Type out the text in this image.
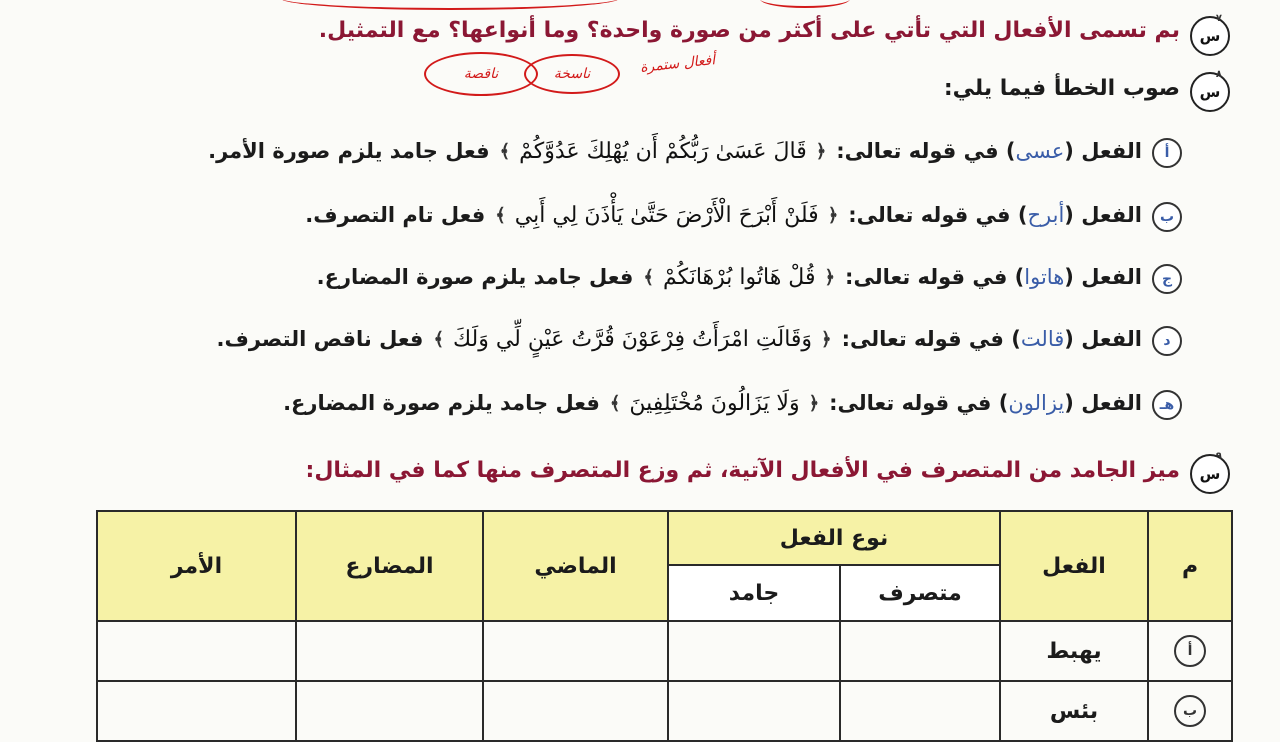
٧
س
بم تسمى الأفعال التي تأتي على أكثر من صورة واحدة؟ وما أنواعها؟ مع التمثيل.
أفعال ستمرة
ناسخة
ناقصة	٨
س
صوب الخطأ فيما يلي:
أ
الفعل (
عسى
) في قوله تعالى:
﴿
قَالَ عَسَىٰ رَبُّكُمْ أَن يُهْلِكَ عَدُوَّكُمْ
﴾
فعل جامد يلزم صورة الأمر.
ب
الفعل (
أبرح
) في قوله تعالى:
﴿
فَلَنْ أَبْرَحَ الْأَرْضَ حَتَّىٰ يَأْذَنَ لِي أَبِي
﴾
فعل تام التصرف.
ج
الفعل (
هاتوا
) في قوله تعالى:
﴿
قُلْ هَاتُوا بُرْهَانَكُمْ
﴾
فعل جامد يلزم صورة المضارع.
د
الفعل (
قالت
) في قوله تعالى:
﴿
وَقَالَتِ امْرَأَتُ فِرْعَوْنَ قُرَّتُ عَيْنٍ لِّي وَلَكَ
﴾
فعل ناقص التصرف.
هـ
الفعل (
يزالون
) في قوله تعالى:
﴿
وَلَا يَزَالُونَ مُخْتَلِفِينَ
﴾
فعل جامد يلزم صورة المضارع.
٩
س
ميز الجامد من المتصرف في الأفعال الآتية، ثم وزع المتصرف منها كما في المثال:
م	الفعل	نوع الفعل		الماضي	المضارع	الأمر
		متصرف	جامد			
أ	يهبط					
ب	بئس					
